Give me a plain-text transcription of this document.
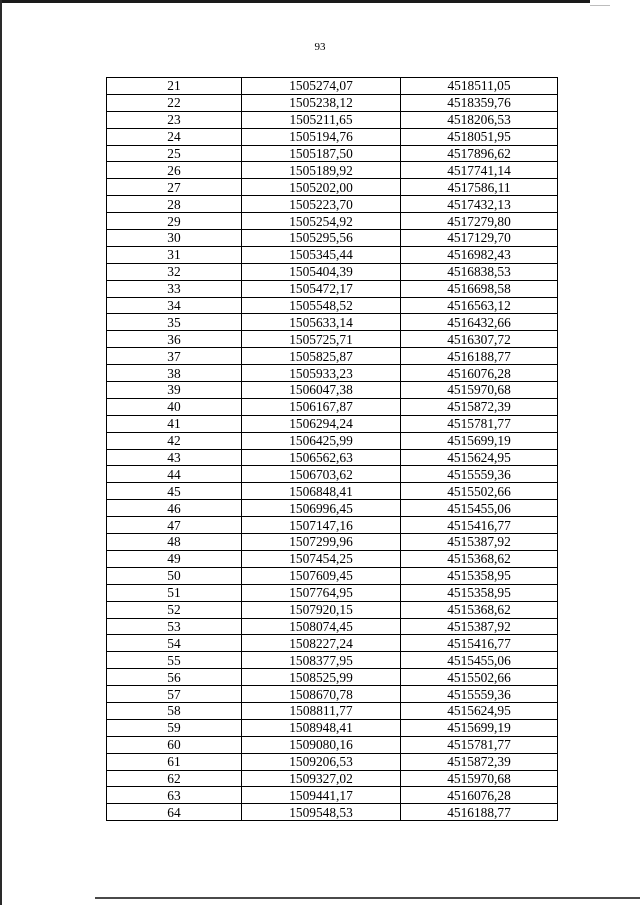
93
21	1505274,07	4518511,05
22	1505238,12	4518359,76
23	1505211,65	4518206,53
24	1505194,76	4518051,95
25	1505187,50	4517896,62
26	1505189,92	4517741,14
27	1505202,00	4517586,11
28	1505223,70	4517432,13
29	1505254,92	4517279,80
30	1505295,56	4517129,70
31	1505345,44	4516982,43
32	1505404,39	4516838,53
33	1505472,17	4516698,58
34	1505548,52	4516563,12
35	1505633,14	4516432,66
36	1505725,71	4516307,72
37	1505825,87	4516188,77
38	1505933,23	4516076,28
39	1506047,38	4515970,68
40	1506167,87	4515872,39
41	1506294,24	4515781,77
42	1506425,99	4515699,19
43	1506562,63	4515624,95
44	1506703,62	4515559,36
45	1506848,41	4515502,66
46	1506996,45	4515455,06
47	1507147,16	4515416,77
48	1507299,96	4515387,92
49	1507454,25	4515368,62
50	1507609,45	4515358,95
51	1507764,95	4515358,95
52	1507920,15	4515368,62
53	1508074,45	4515387,92
54	1508227,24	4515416,77
55	1508377,95	4515455,06
56	1508525,99	4515502,66
57	1508670,78	4515559,36
58	1508811,77	4515624,95
59	1508948,41	4515699,19
60	1509080,16	4515781,77
61	1509206,53	4515872,39
62	1509327,02	4515970,68
63	1509441,17	4516076,28
64	1509548,53	4516188,77
